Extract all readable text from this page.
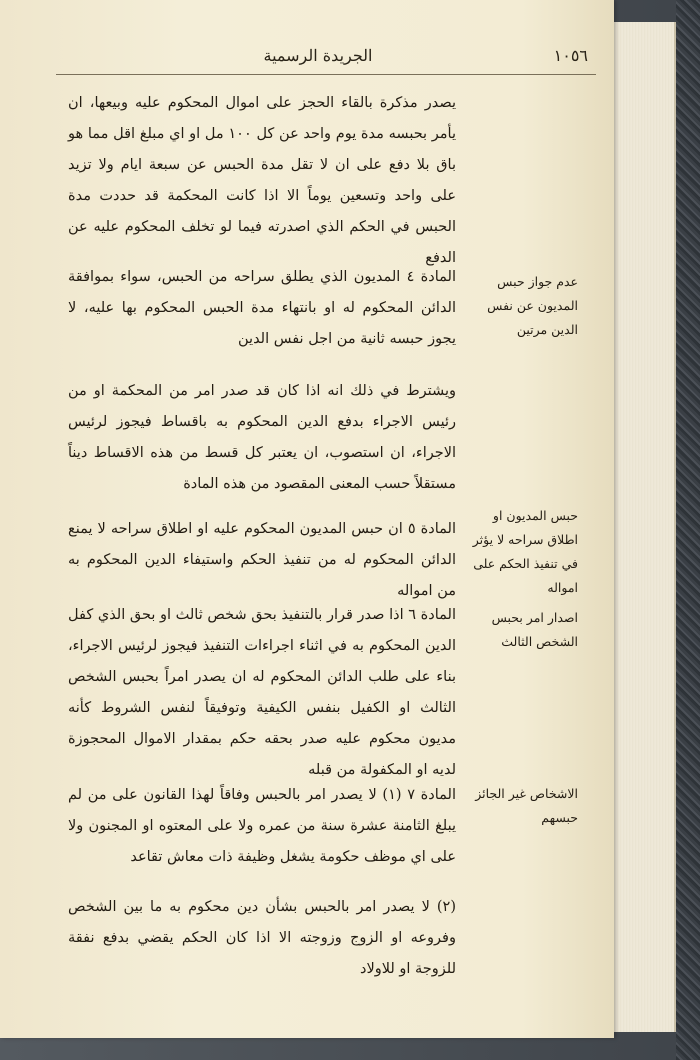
الجريدة الرسمية	١٠٥٦

يصدر مذكرة بالقاء الحجز على اموال المحكوم عليه وبيعها، ان يأمر بحبسه مدة يوم واحد عن كل ١٠٠ مل او اي مبلغ اقل مما هو باق بلا دفع على ان لا تقل مدة الحبس عن سبعة ايام ولا تزيد على واحد وتسعين يوماً الا اذا كانت المحكمة قد حددت مدة الحبس في الحكم الذي اصدرته فيما لو تخلف المحكوم عليه عن الدفع

عدم جواز حبس المديون عن نفس الدين مرتين

المادة ٤ المديون الذي يطلق سراحه من الحبس، سواء بموافقة الدائن المحكوم له او بانتهاء مدة الحبس المحكوم بها عليه، لا يجوز حبسه ثانية من اجل نفس الدين

ويشترط في ذلك انه اذا كان قد صدر امر من المحكمة او من رئيس الاجراء بدفع الدين المحكوم به باقساط فيجوز لرئيس الاجراء، ان استصوب، ان يعتبر كل قسط من هذه الاقساط ديناً مستقلاً حسب المعنى المقصود من هذه المادة

حبس المديون او اطلاق سراحه لا يؤثر في تنفيذ الحكم على امواله

المادة ٥ ان حبس المديون المحكوم عليه او اطلاق سراحه لا يمنع الدائن المحكوم له من تنفيذ الحكم واستيفاء الدين المحكوم به من امواله

اصدار امر بحبس الشخص الثالث

المادة ٦ اذا صدر قرار بالتنفيذ بحق شخص ثالث او بحق الذي كفل الدين المحكوم به في اثناء اجراءات التنفيذ فيجوز لرئيس الاجراء، بناء على طلب الدائن المحكوم له ان يصدر امراً بحبس الشخص الثالث او الكفيل بنفس الكيفية وتوفيقاً لنفس الشروط كأنه مديون محكوم عليه صدر بحقه حكم بمقدار الاموال المحجوزة لديه او المكفولة من قبله

الاشخاص غير الجائز حبسهم

المادة ٧ (١) لا يصدر امر بالحبس وفاقاً لهذا القانون على من لم يبلغ الثامنة عشرة سنة من عمره ولا على المعتوه او المجنون ولا على اي موظف حكومة يشغل وظيفة ذات معاش تقاعد

(٢) لا يصدر امر بالحبس بشأن دين محكوم به ما بين الشخص وفروعه او الزوج وزوجته الا اذا كان الحكم يقضي بدفع نفقة للزوجة او للاولاد
